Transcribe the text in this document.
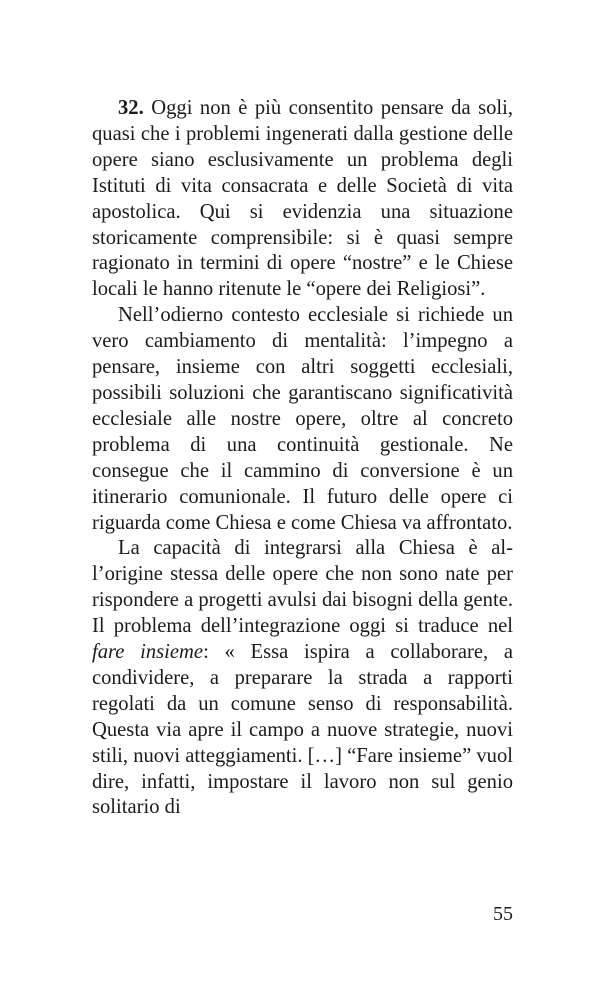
32. Oggi non è più consentito pensare da soli, quasi che i problemi ingenerati dalla gestione delle opere siano esclusivamente un problema degli Istituti di vita consacrata e delle Società di vita apostolica. Qui si evidenzia una situazione storicamente comprensibile: si è quasi sempre ragionato in termini di opere “nostre” e le Chiese locali le hanno ritenute le “opere dei Religiosi”.

Nell’odierno contesto ecclesiale si richiede un vero cambiamento di mentalità: l’impegno a pensare, insieme con altri soggetti ecclesiali, possibili soluzioni che garantiscano significatività ecclesiale alle nostre opere, oltre al concreto problema di una continuità gestionale. Ne consegue che il cammino di conversione è un itinerario comunionale. Il futuro delle opere ci riguarda come Chiesa e come Chiesa va affrontato.

La capacità di integrarsi alla Chiesa è al l’origine stessa delle opere che non sono nate per rispondere a progetti avulsi dai bisogni della gente. Il problema dell’integrazione oggi si traduce nel fare insieme: « Essa ispira a collaborare, a condividere, a preparare la strada a rapporti regolati da un comune senso di responsabilità. Questa via apre il campo a nuove strategie, nuovi stili, nuovi atteggiamenti. […] “Fare insieme” vuol dire, infatti, impostare il lavoro non sul genio solitario di

55
